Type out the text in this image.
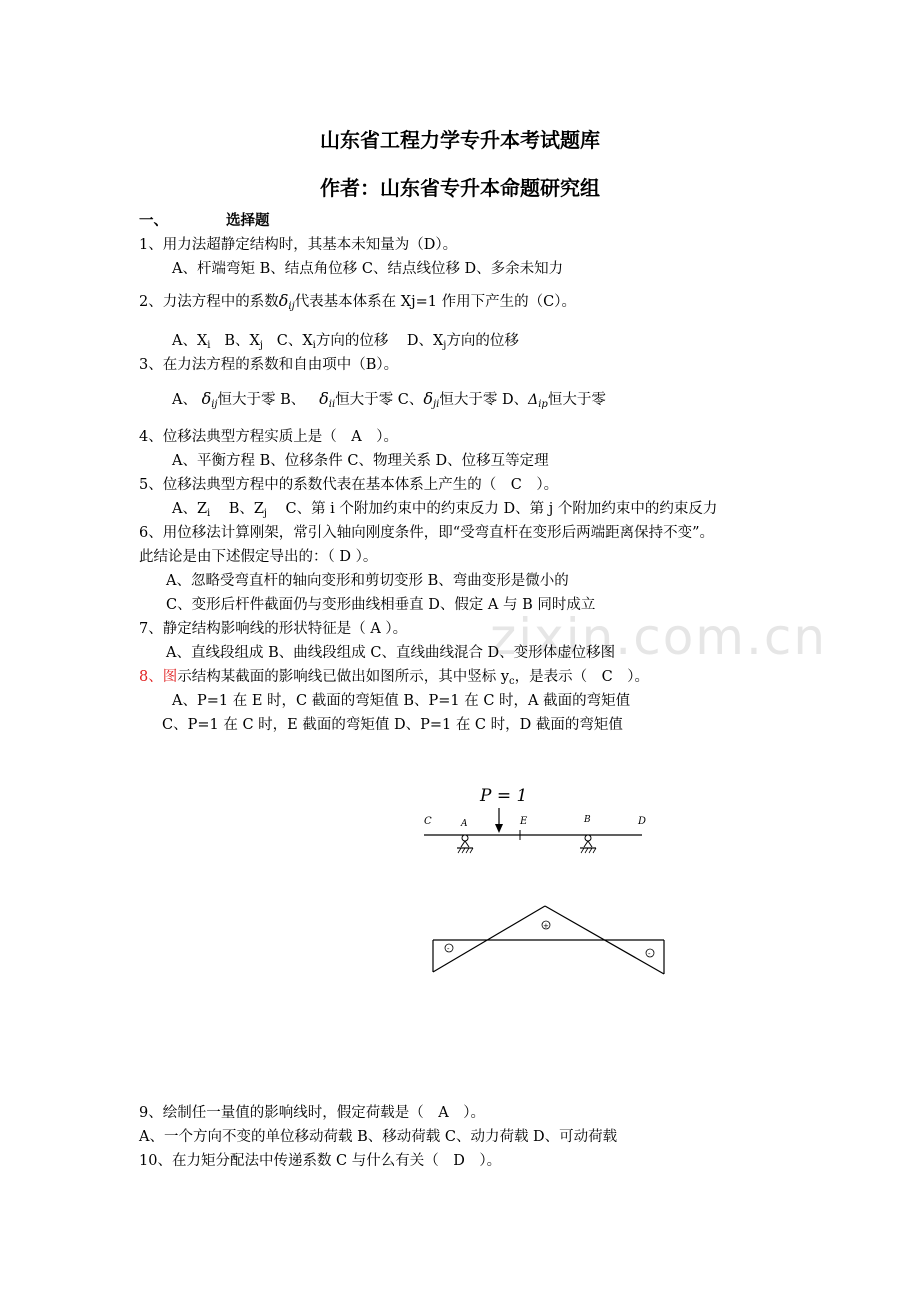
zixin.com.cn
山东省工程力学专升本考试题库
作者：山东省专升本命题研究组
一、	选择题
1、用力法超静定结构时，其基本未知量为（D）。
A、杆端弯矩 B、结点角位移 C、结点线位移 D、多余未知力
2、力法方程中的系数$\delta_{ij}$代表基本体系在 Xj=1 作用下产生的（C）。
A、$X_i$ B、$X_j$ C、$X_i$方向的位移 D、$X_j$方向的位移
3、在力法方程的系数和自由项中（B）。
A、 $\delta_{ij}$恒大于零 B、 $\delta_{ii}$恒大于零 C、$\delta_{ji}$恒大于零 D、$\Delta_{ip}$恒大于零
4、位移法典型方程实质上是（　A　）。
A、平衡方程 B、位移条件 C、物理关系 D、位移互等定理
5、位移法典型方程中的系数代表在基本体系上产生的（　C　）。
A、$Z_i$ B、$Z_j$ C、第 i 个附加约束中的约束反力 D、第 j 个附加约束中的约束反力
6、用位移法计算刚架，常引入轴向刚度条件，即“受弯直杆在变形后两端距离保持不变”。
此结论是由下述假定导出的：（ D ）。
A、忽略受弯直杆的轴向变形和剪切变形 B、弯曲变形是微小的
C、变形后杆件截面仍与变形曲线相垂直 D、假定 A 与 B 同时成立
7、静定结构影响线的形状特征是（ A ）。
A、直线段组成 B、曲线段组成 C、直线曲线混合 D、变形体虚位移图
8、图示结构某截面的影响线已做出如图所示，其中竖标 $y_c$，是表示（　C　）。
A、P=1 在 E 时，C 截面的弯矩值 B、P=1 在 C 时，A 截面的弯矩值
C、P=1 在 C 时，E 截面的弯矩值 D、P=1 在 C 时，D 截面的弯矩值
P = 1
C	A	E	B	D
+
-
-
9、绘制任一量值的影响线时，假定荷载是（　A　）。
A、一个方向不变的单位移动荷载 B、移动荷载 C、动力荷载 D、可动荷载
10、在力矩分配法中传递系数 C 与什么有关（　D　）。
